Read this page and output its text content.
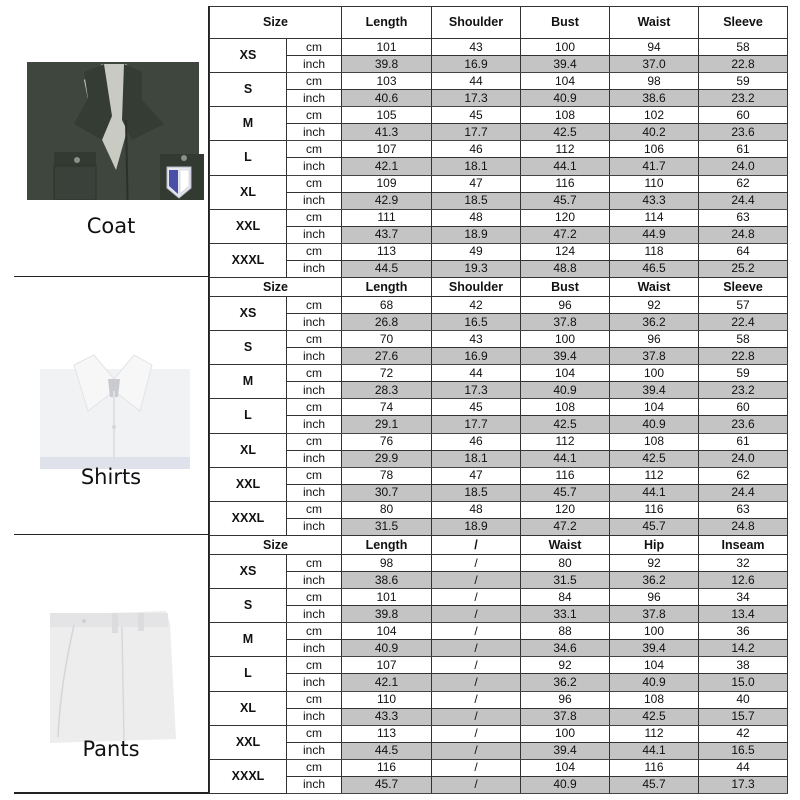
Coat
Size		Length	Shoulder	Bust	Waist	Sleeve
XS	cm	101	43	100	94	58
	inch	39.8	16.9	39.4	37.0	22.8
S	cm	103	44	104	98	59
	inch	40.6	17.3	40.9	38.6	23.2
M	cm	105	45	108	102	60
	inch	41.3	17.7	42.5	40.2	23.6
L	cm	107	46	112	106	61
	inch	42.1	18.1	44.1	41.7	24.0
XL	cm	109	47	116	110	62
	inch	42.9	18.5	45.7	43.3	24.4
XXL	cm	111	48	120	114	63
	inch	43.7	18.9	47.2	44.9	24.8
XXXL	cm	113	49	124	118	64
	inch	44.5	19.3	48.8	46.5	25.2
Shirts
Size		Length	Shoulder	Bust	Waist	Sleeve
XS	cm	68	42	96	92	57
	inch	26.8	16.5	37.8	36.2	22.4
S	cm	70	43	100	96	58
	inch	27.6	16.9	39.4	37.8	22.8
M	cm	72	44	104	100	59
	inch	28.3	17.3	40.9	39.4	23.2
L	cm	74	45	108	104	60
	inch	29.1	17.7	42.5	40.9	23.6
XL	cm	76	46	112	108	61
	inch	29.9	18.1	44.1	42.5	24.0
XXL	cm	78	47	116	112	62
	inch	30.7	18.5	45.7	44.1	24.4
XXXL	cm	80	48	120	116	63
	inch	31.5	18.9	47.2	45.7	24.8
Pants
Size		Length	/	Waist	Hip	Inseam
XS	cm	98	/	80	92	32
	inch	38.6	/	31.5	36.2	12.6
S	cm	101	/	84	96	34
	inch	39.8	/	33.1	37.8	13.4
M	cm	104	/	88	100	36
	inch	40.9	/	34.6	39.4	14.2
L	cm	107	/	92	104	38
	inch	42.1	/	36.2	40.9	15.0
XL	cm	110	/	96	108	40
	inch	43.3	/	37.8	42.5	15.7
XXL	cm	113	/	100	112	42
	inch	44.5	/	39.4	44.1	16.5
XXXL	cm	116	/	104	116	44
	inch	45.7	/	40.9	45.7	17.3
